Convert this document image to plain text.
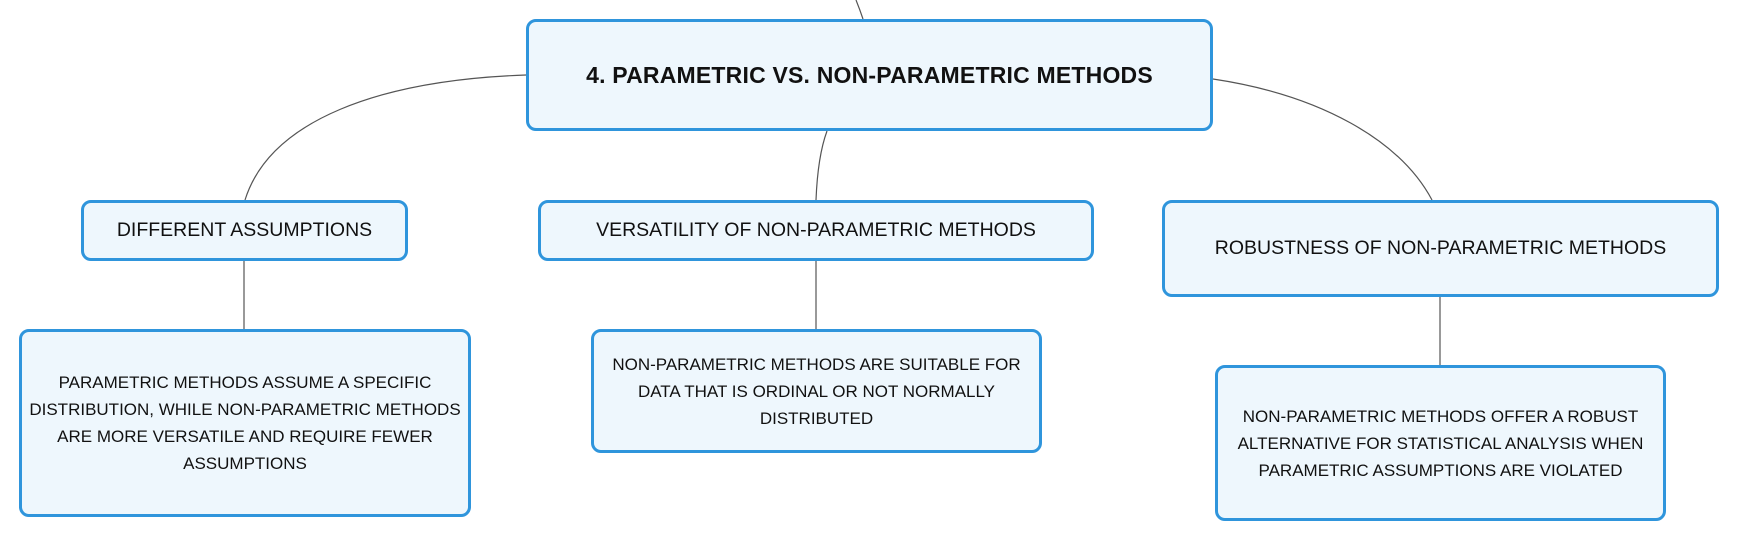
4. PARAMETRIC VS. NON-PARAMETRIC METHODS
DIFFERENT ASSUMPTIONS	VERSATILITY OF NON-PARAMETRIC METHODS
ROBUSTNESS OF NON-PARAMETRIC METHODS
PARAMETRIC METHODS ASSUME A SPECIFIC DISTRIBUTION, WHILE NON-PARAMETRIC METHODS ARE MORE VERSATILE AND REQUIRE FEWER ASSUMPTIONS
NON-PARAMETRIC METHODS ARE SUITABLE FOR DATA THAT IS ORDINAL OR NOT NORMALLY DISTRIBUTED	NON-PARAMETRIC METHODS OFFER A ROBUST ALTERNATIVE FOR STATISTICAL ANALYSIS WHEN PARAMETRIC ASSUMPTIONS ARE VIOLATED
